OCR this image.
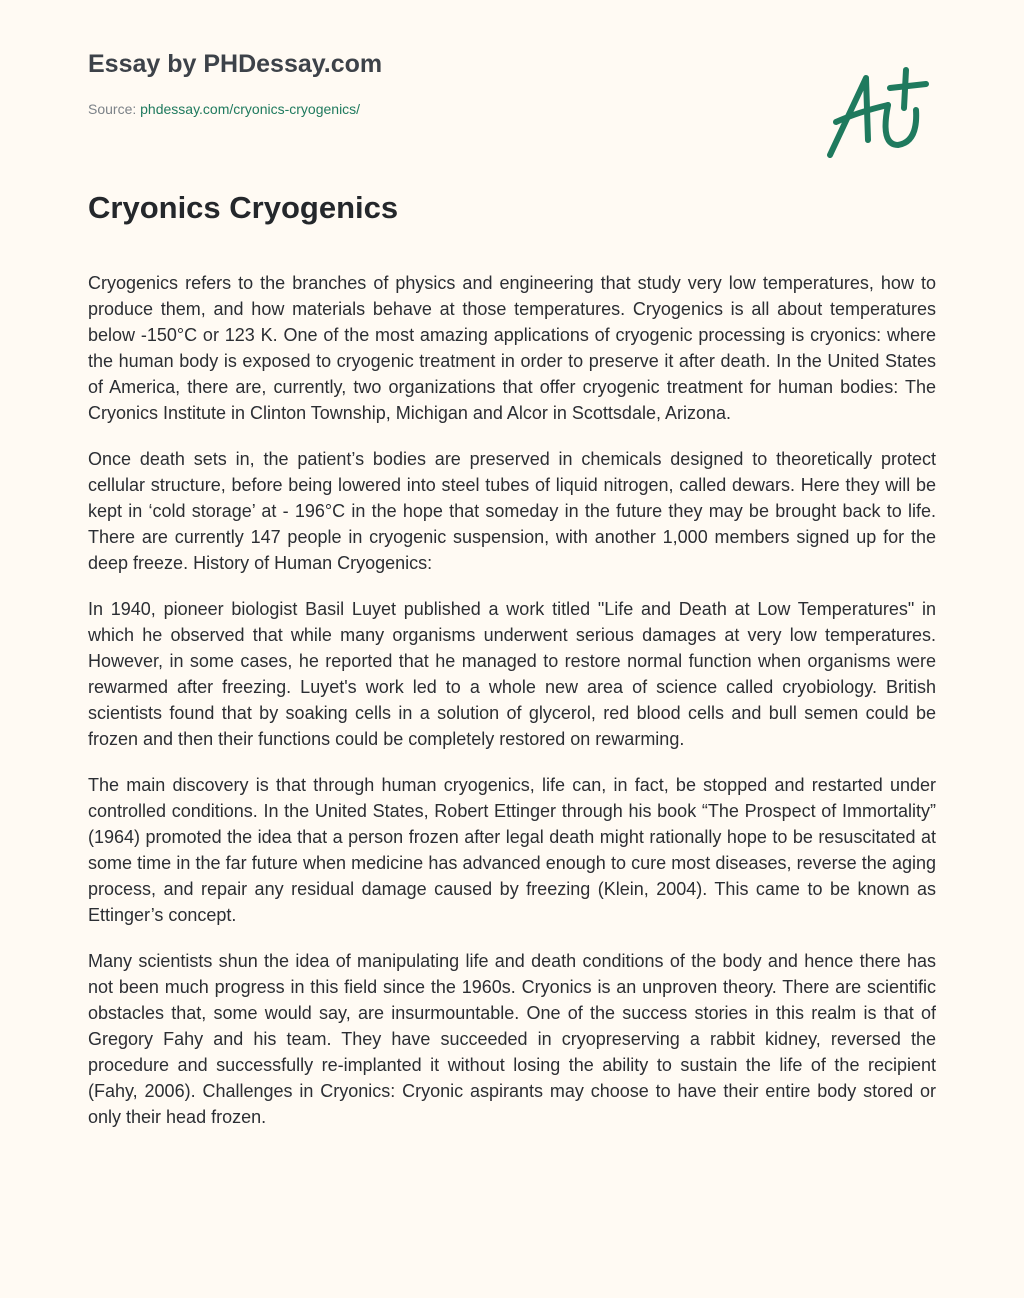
Essay by PHDessay.com
Source: phdessay.com/cryonics-cryogenics/
Cryonics Cryogenics

Cryogenics refers to the branches of physics and engineering that study very low temperatures, how to produce them, and how materials behave at those temperatures. Cryogenics is all about temperatures below -150°C or 123 K. One of the most amazing applications of cryogenic processing is cryonics: where the human body is exposed to cryogenic treatment in order to preserve it after death. In the United States of America, there are, currently, two organizations that offer cryogenic treatment for human bodies: The Cryonics Institute in Clinton Township, Michigan and Alcor in Scottsdale, Arizona.

Once death sets in, the patient’s bodies are preserved in chemicals designed to theoretically protect cellular structure, before being lowered into steel tubes of liquid nitrogen, called dewars. Here they will be kept in ‘cold storage’ at - 196°C in the hope that someday in the future they may be brought back to life. There are currently 147 people in cryogenic suspension, with another 1,000 members signed up for the deep freeze. History of Human Cryogenics:

In 1940, pioneer biologist Basil Luyet published a work titled "Life and Death at Low Temperatures" in which he observed that while many organisms underwent serious damages at very low temperatures. However, in some cases, he reported that he managed to restore normal function when organisms were rewarmed after freezing. Luyet's work led to a whole new area of science called cryobiology. British scientists found that by soaking cells in a solution of glycerol, red blood cells and bull semen could be frozen and then their functions could be completely restored on rewarming.

The main discovery is that through human cryogenics, life can, in fact, be stopped and restarted under controlled conditions. In the United States, Robert Ettinger through his book “The Prospect of Immortality” (1964) promoted the idea that a person frozen after legal death might rationally hope to be resuscitated at some time in the far future when medicine has advanced enough to cure most diseases, reverse the aging process, and repair any residual damage caused by freezing (Klein, 2004). This came to be known as Ettinger’s concept.

Many scientists shun the idea of manipulating life and death conditions of the body and hence there has not been much progress in this field since the 1960s. Cryonics is an unproven theory. There are scientific obstacles that, some would say, are insurmountable. One of the success stories in this realm is that of Gregory Fahy and his team. They have succeeded in cryopreserving a rabbit kidney, reversed the procedure and successfully re-implanted it without losing the ability to sustain the life of the recipient (Fahy, 2006). Challenges in Cryonics: Cryonic aspirants may choose to have their entire body stored or only their head frozen.
